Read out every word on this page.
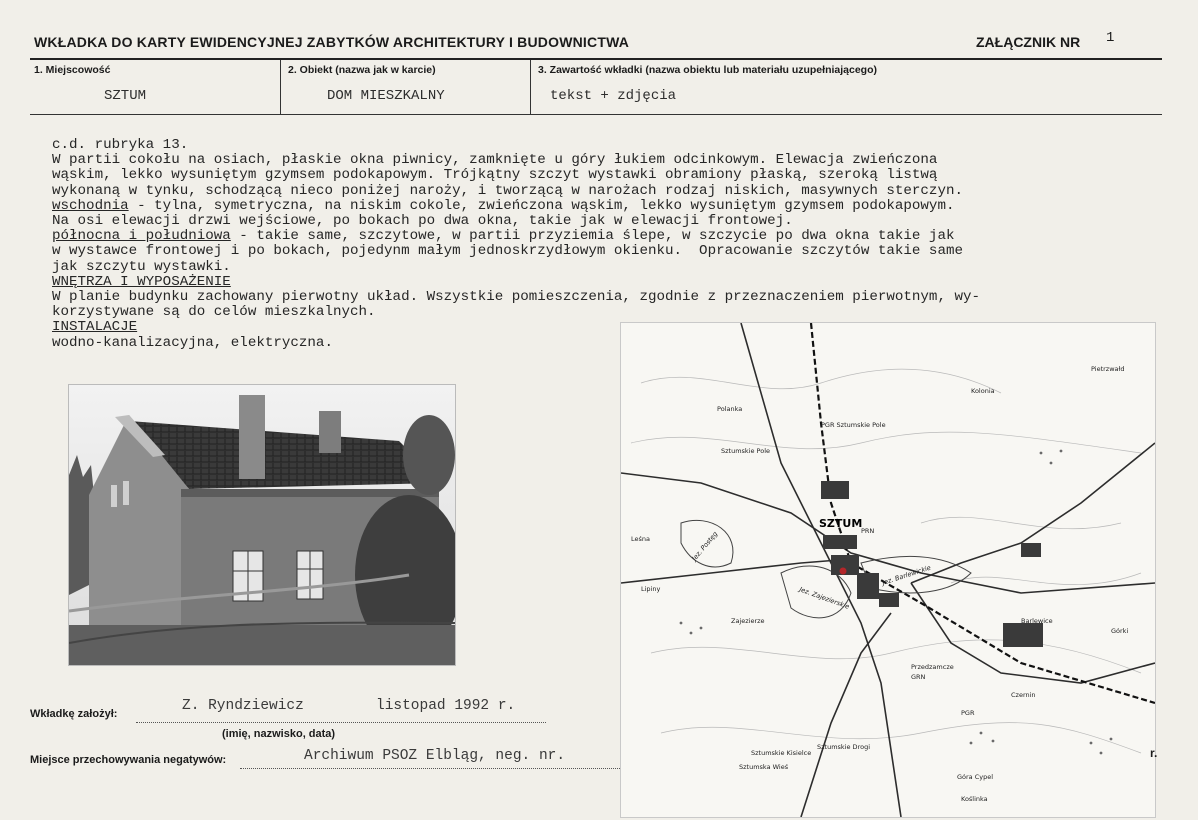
WKŁADKA DO KARTY EWIDENCYJNEJ ZABYTKÓW ARCHITEKTURY I BUDOWNICTWA	ZAŁĄCZNIK NR 1
1. Miejscowość
SZTUM
2. Obiekt (nazwa jak w karcie)
DOM MIESZKALNY
3. Zawartość wkładki (nazwa obiektu lub materiału uzupełniającego)
tekst + zdjęcia
c.d. rubryka 13.
W partii cokołu na osiach, płaskie okna piwnicy, zamknięte u góry łukiem odcinkowym. Elewacja zwieńczona
wąskim, lekko wysuniętym gzymsem podokapowym. Trójkątny szczyt wystawki obramiony płaską, szeroką listwą
wykonaną w tynku, schodzącą nieco poniżej naroży, i tworzącą w narożach rodzaj niskich, masywnych sterczyn.
wschodnia - tylna, symetryczna, na niskim cokole, zwieńczona wąskim, lekko wysuniętym gzymsem podokapowym.
Na osi elewacji drzwi wejściowe, po bokach po dwa okna, takie jak w elewacji frontowej.
północna i południowa - takie same, szczytowe, w partii przyziemia ślepe, w szczycie po dwa okna takie jak
w wystawce frontowej i po bokach, pojedynm małym jednoskrzydłowym okienku.  Opracowanie szczytów takie same
jak szczytu wystawki.
WNĘTRZA I WYPOSAŻENIE
W planie budynku zachowany pierwotny układ. Wszystkie pomieszczenia, zgodnie z przeznaczeniem pierwotnym, wy-
korzystywane są do celów mieszkalnych.
INSTALACJE
wodno-kanalizacyjna, elektryczna.
Pietrzwałd
Kolonia
PGR Sztumskie Pole
Sztumskie Pole
Polanka
Barlewice
Jez. Barlewickie
Jez. Zajezierskie
Jez. Postęg
Zajezierze
Przedzamcze
Czernin
Sztumska Wieś
Góra Cypel
Koślinka
PGR
PRN
GRN
Lipiny
Sztumskie Kisielce
Sztumskie Drogi
Górki
Leśna
SZTUM
Wkładkę założył:	Z. Ryndziewicz	listopad 1992 r.
(imię, nazwisko, data)
Miejsce przechowywania negatywów:	Archiwum PSOZ Elbląg, neg. nr.	r.
